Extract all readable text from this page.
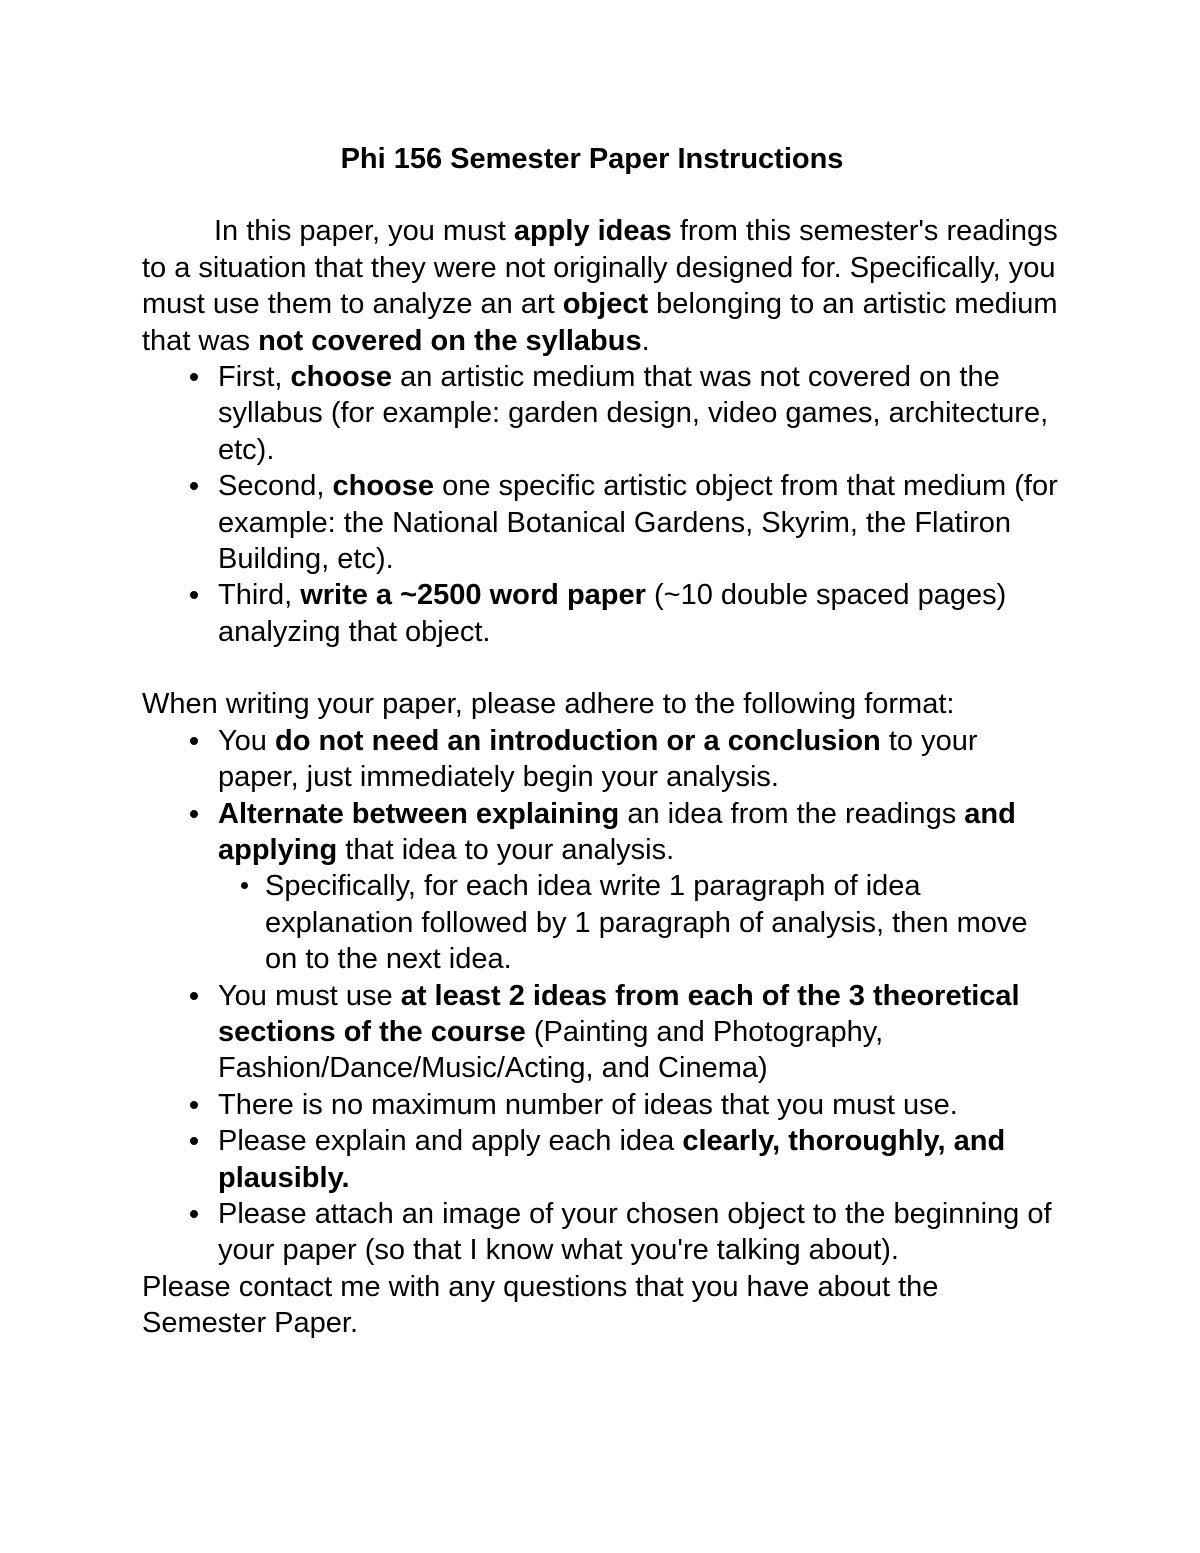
Phi 156 Semester Paper Instructions

In this paper, you must apply ideas from this semester's readings to a situation that they were not originally designed for. Specifically, you must use them to analyze an art object belonging to an artistic medium that was not covered on the syllabus.

First, choose an artistic medium that was not covered on the syllabus (for example: garden design, video games, architecture, etc).
Second, choose one specific artistic object from that medium (for example: the National Botanical Gardens, Skyrim, the Flatiron Building, etc).
Third, write a ~2500 word paper (~10 double spaced pages) analyzing that object.

When writing your paper, please adhere to the following format:

You do not need an introduction or a conclusion to your paper, just immediately begin your analysis.
Alternate between explaining an idea from the readings and applying that idea to your analysis.
Specifically, for each idea write 1 paragraph of idea explanation followed by 1 paragraph of analysis, then move on to the next idea.
You must use at least 2 ideas from each of the 3 theoretical sections of the course (Painting and Photography, Fashion/Dance/Music/Acting, and Cinema)
There is no maximum number of ideas that you must use.
Please explain and apply each idea clearly, thoroughly, and plausibly.
Please attach an image of your chosen object to the beginning of your paper (so that I know what you're talking about).

Please contact me with any questions that you have about the Semester Paper.
